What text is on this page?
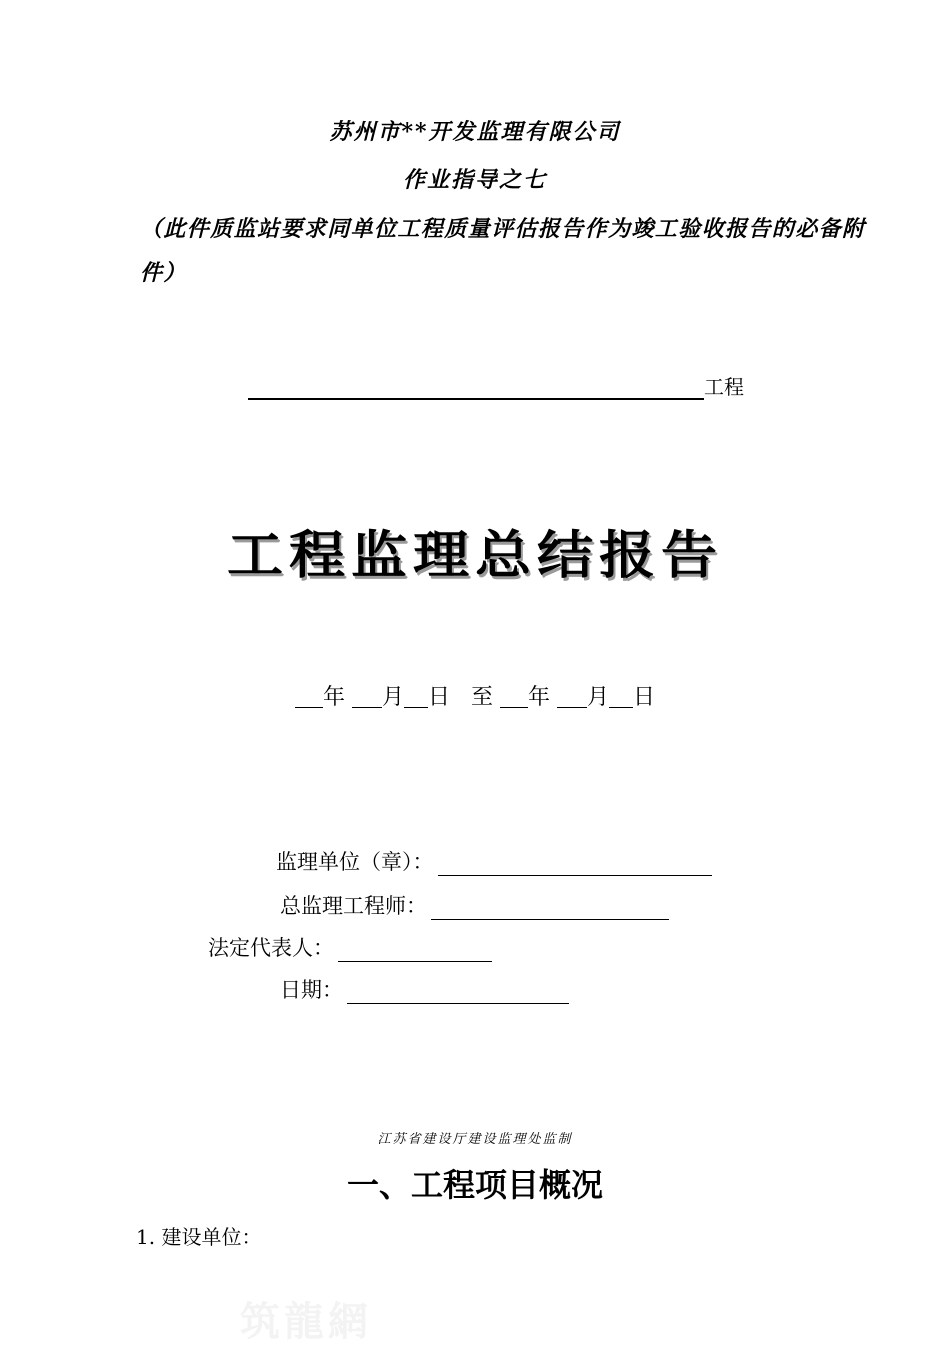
苏州市**开发监理有限公司
作业指导之七
（此件质监站要求同单位工程质量评估报告作为竣工验收报告的必备附件）
工程
工程监理总结报告
年 月 日 至 年 月 日
监理单位（章）：
总监理工程师：
法定代表人：
日期：
江苏省建设厅建设监理处监制
一、工程项目概况
1. 建设单位：
筑龍網
